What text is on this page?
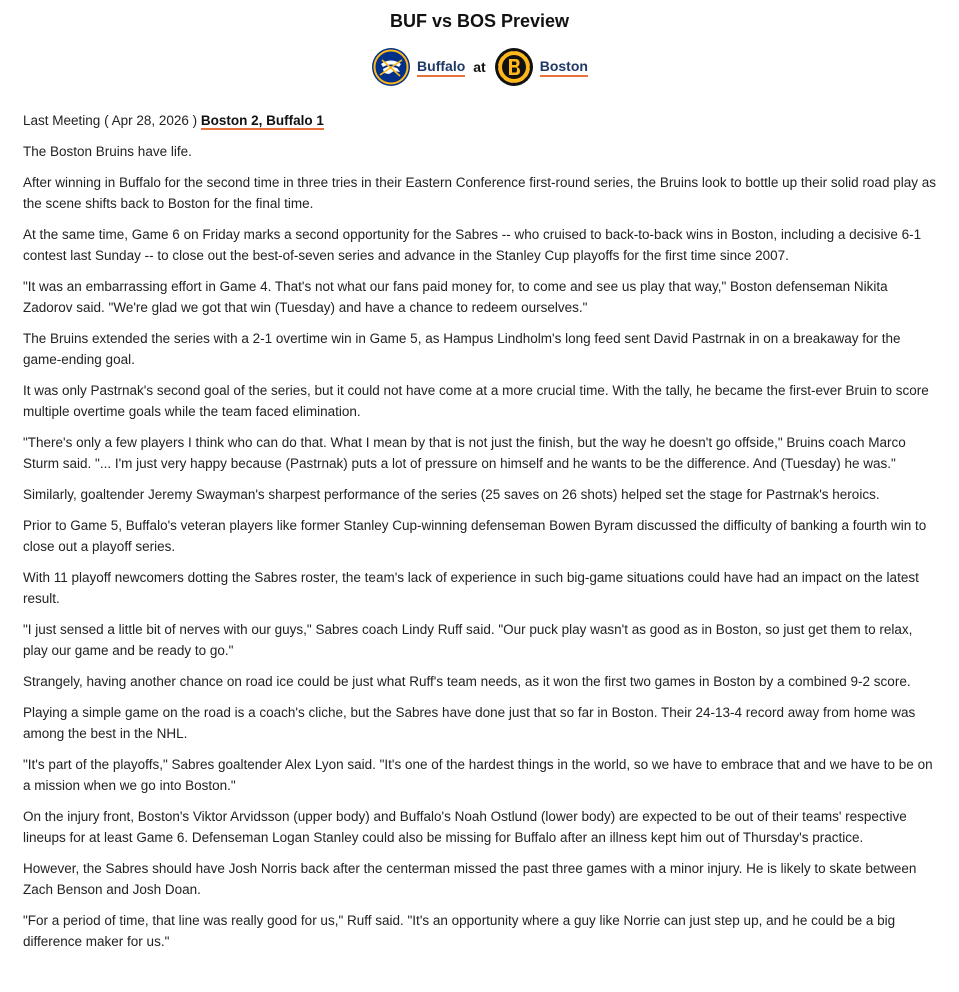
BUF vs BOS Preview
Buffalo at	Boston

Last Meeting ( Apr 28, 2026 ) Boston 2, Buffalo 1

The Boston Bruins have life.

After winning in Buffalo for the second time in three tries in their Eastern Conference first-round series, the Bruins look to bottle up their solid road play as the scene shifts back to Boston for the final time.

At the same time, Game 6 on Friday marks a second opportunity for the Sabres -- who cruised to back-to-back wins in Boston, including a decisive 6-1 contest last Sunday -- to close out the best-of-seven series and advance in the Stanley Cup playoffs for the first time since 2007.

"It was an embarrassing effort in Game 4. That's not what our fans paid money for, to come and see us play that way," Boston defenseman Nikita Zadorov said. "We're glad we got that win (Tuesday) and have a chance to redeem ourselves."

The Bruins extended the series with a 2-1 overtime win in Game 5, as Hampus Lindholm's long feed sent David Pastrnak in on a breakaway for the game-ending goal.

It was only Pastrnak's second goal of the series, but it could not have come at a more crucial time. With the tally, he became the first-ever Bruin to score multiple overtime goals while the team faced elimination.

"There's only a few players I think who can do that. What I mean by that is not just the finish, but the way he doesn't go offside," Bruins coach Marco Sturm said. "... I'm just very happy because (Pastrnak) puts a lot of pressure on himself and he wants to be the difference. And (Tuesday) he was."

Similarly, goaltender Jeremy Swayman's sharpest performance of the series (25 saves on 26 shots) helped set the stage for Pastrnak's heroics.

Prior to Game 5, Buffalo's veteran players like former Stanley Cup-winning defenseman Bowen Byram discussed the difficulty of banking a fourth win to close out a playoff series.

With 11 playoff newcomers dotting the Sabres roster, the team's lack of experience in such big-game situations could have had an impact on the latest result.

"I just sensed a little bit of nerves with our guys," Sabres coach Lindy Ruff said. "Our puck play wasn't as good as in Boston, so just get them to relax, play our game and be ready to go."

Strangely, having another chance on road ice could be just what Ruff's team needs, as it won the first two games in Boston by a combined 9-2 score.

Playing a simple game on the road is a coach's cliche, but the Sabres have done just that so far in Boston. Their 24-13-4 record away from home was among the best in the NHL.

"It's part of the playoffs," Sabres goaltender Alex Lyon said. "It's one of the hardest things in the world, so we have to embrace that and we have to be on a mission when we go into Boston."

On the injury front, Boston's Viktor Arvidsson (upper body) and Buffalo's Noah Ostlund (lower body) are expected to be out of their teams' respective lineups for at least Game 6. Defenseman Logan Stanley could also be missing for Buffalo after an illness kept him out of Thursday's practice.

However, the Sabres should have Josh Norris back after the centerman missed the past three games with a minor injury. He is likely to skate between Zach Benson and Josh Doan.

"For a period of time, that line was really good for us," Ruff said. "It's an opportunity where a guy like Norrie can just step up, and he could be a big difference maker for us."
